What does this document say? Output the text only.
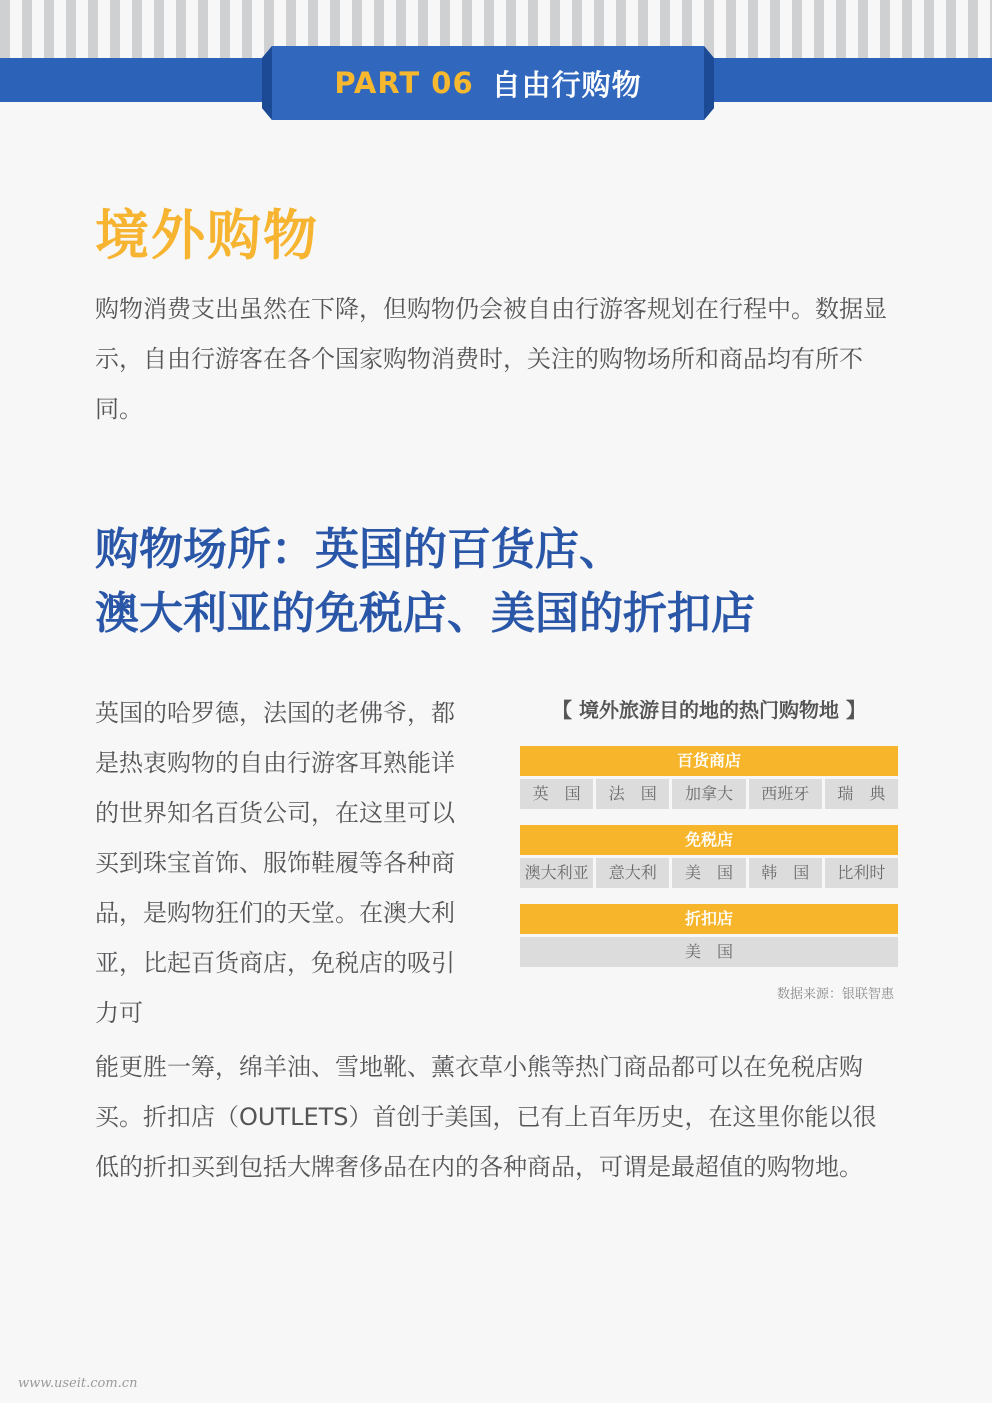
PART 06 自由行购物
境外购物

购物消费支出虽然在下降，但购物仍会被自由行游客规划在行程中。数据显示，自由行游客在各个国家购物消费时，关注的购物场所和商品均有所不同。

购物场所：英国的百货店、
澳大利亚的免税店、美国的折扣店

英国的哈罗德，法国的老佛爷，都是热衷购物的自由行游客耳熟能详的世界知名百货公司，在这里可以买到珠宝首饰、服饰鞋履等各种商品，是购物狂们的天堂。在澳大利亚，比起百货商店，免税店的吸引力可

【 境外旅游目的地的热门购物地 】
百货商店
英　国	法　国	加拿大	西班牙	瑞　典
免税店
澳大利亚	意大利	美　国	韩　国	比利时
折扣店
美　国
数据来源：银联智惠

能更胜一筹，绵羊油、雪地靴、薰衣草小熊等热门商品都可以在免税店购买。折扣店（OUTLETS）首创于美国，已有上百年历史，在这里你能以很低的折扣买到包括大牌奢侈品在内的各种商品，可谓是最超值的购物地。

www.useit.com.cn
